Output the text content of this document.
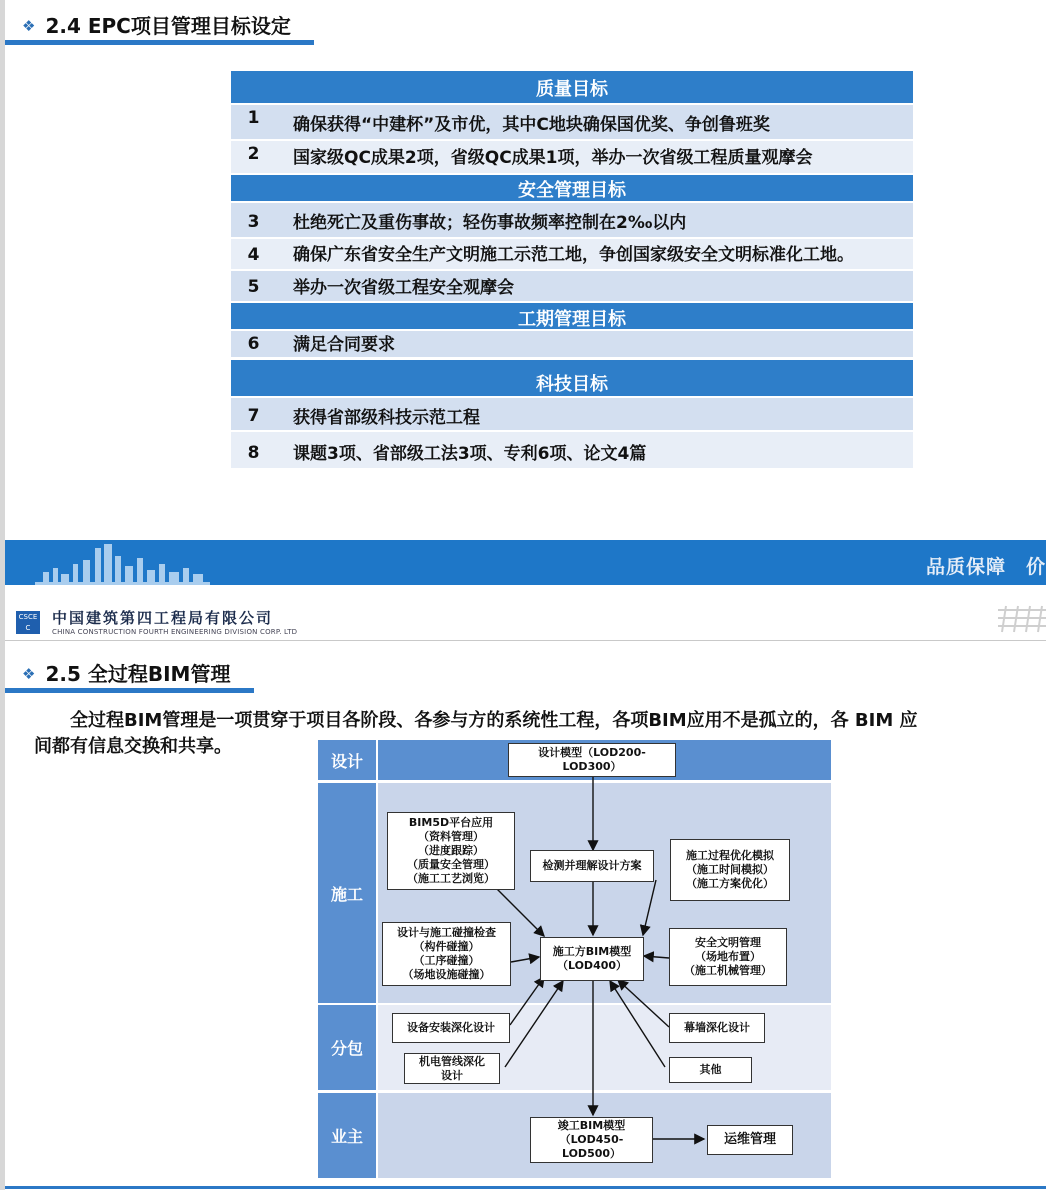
❖ 2.4 EPC项目管理目标设定
质量目标
1	确保获得“中建杯”及市优，其中C地块确保国优奖、争创鲁班奖
2	国家级QC成果2项，省级QC成果1项，举办一次省级工程质量观摩会
安全管理目标
3	杜绝死亡及重伤事故；轻伤事故频率控制在2‰以内
4	确保广东省安全生产文明施工示范工地，争创国家级安全文明标准化工地。
5	举办一次省级工程安全观摩会
工期管理目标
6	满足合同要求
科技目标
7	获得省部级科技示范工程
8	课题3项、省部级工法3项、专利6项、论文4篇
品质保障　价
CSCEC
中国建筑第四工程局有限公司
CHINA CONSTRUCTION FOURTH ENGINEERING DIVISION CORP. LTD
❖ 2.5 全过程BIM管理
　　全过程BIM管理是一项贯穿于项目各阶段、各参与方的系统性工程，各项BIM应用不是孤立的，各 BIM 应
间都有信息交换和共享。
设计
施工
分包
业主
设计模型（LOD200-
LOD300）
BIM5D平台应用
（资料管理）
（进度跟踪）
（质量安全管理）
（施工工艺浏览）
检测并理解设计方案
施工过程优化模拟
（施工时间模拟）
（施工方案优化）
设计与施工碰撞检查
（构件碰撞）
（工序碰撞）
（场地设施碰撞）
施工方BIM模型
（LOD400）
安全文明管理
（场地布置）
（施工机械管理）
设备安装深化设计
机电管线深化
设计
幕墙深化设计
其他
竣工BIM模型
（LOD450-
LOD500）
运维管理
